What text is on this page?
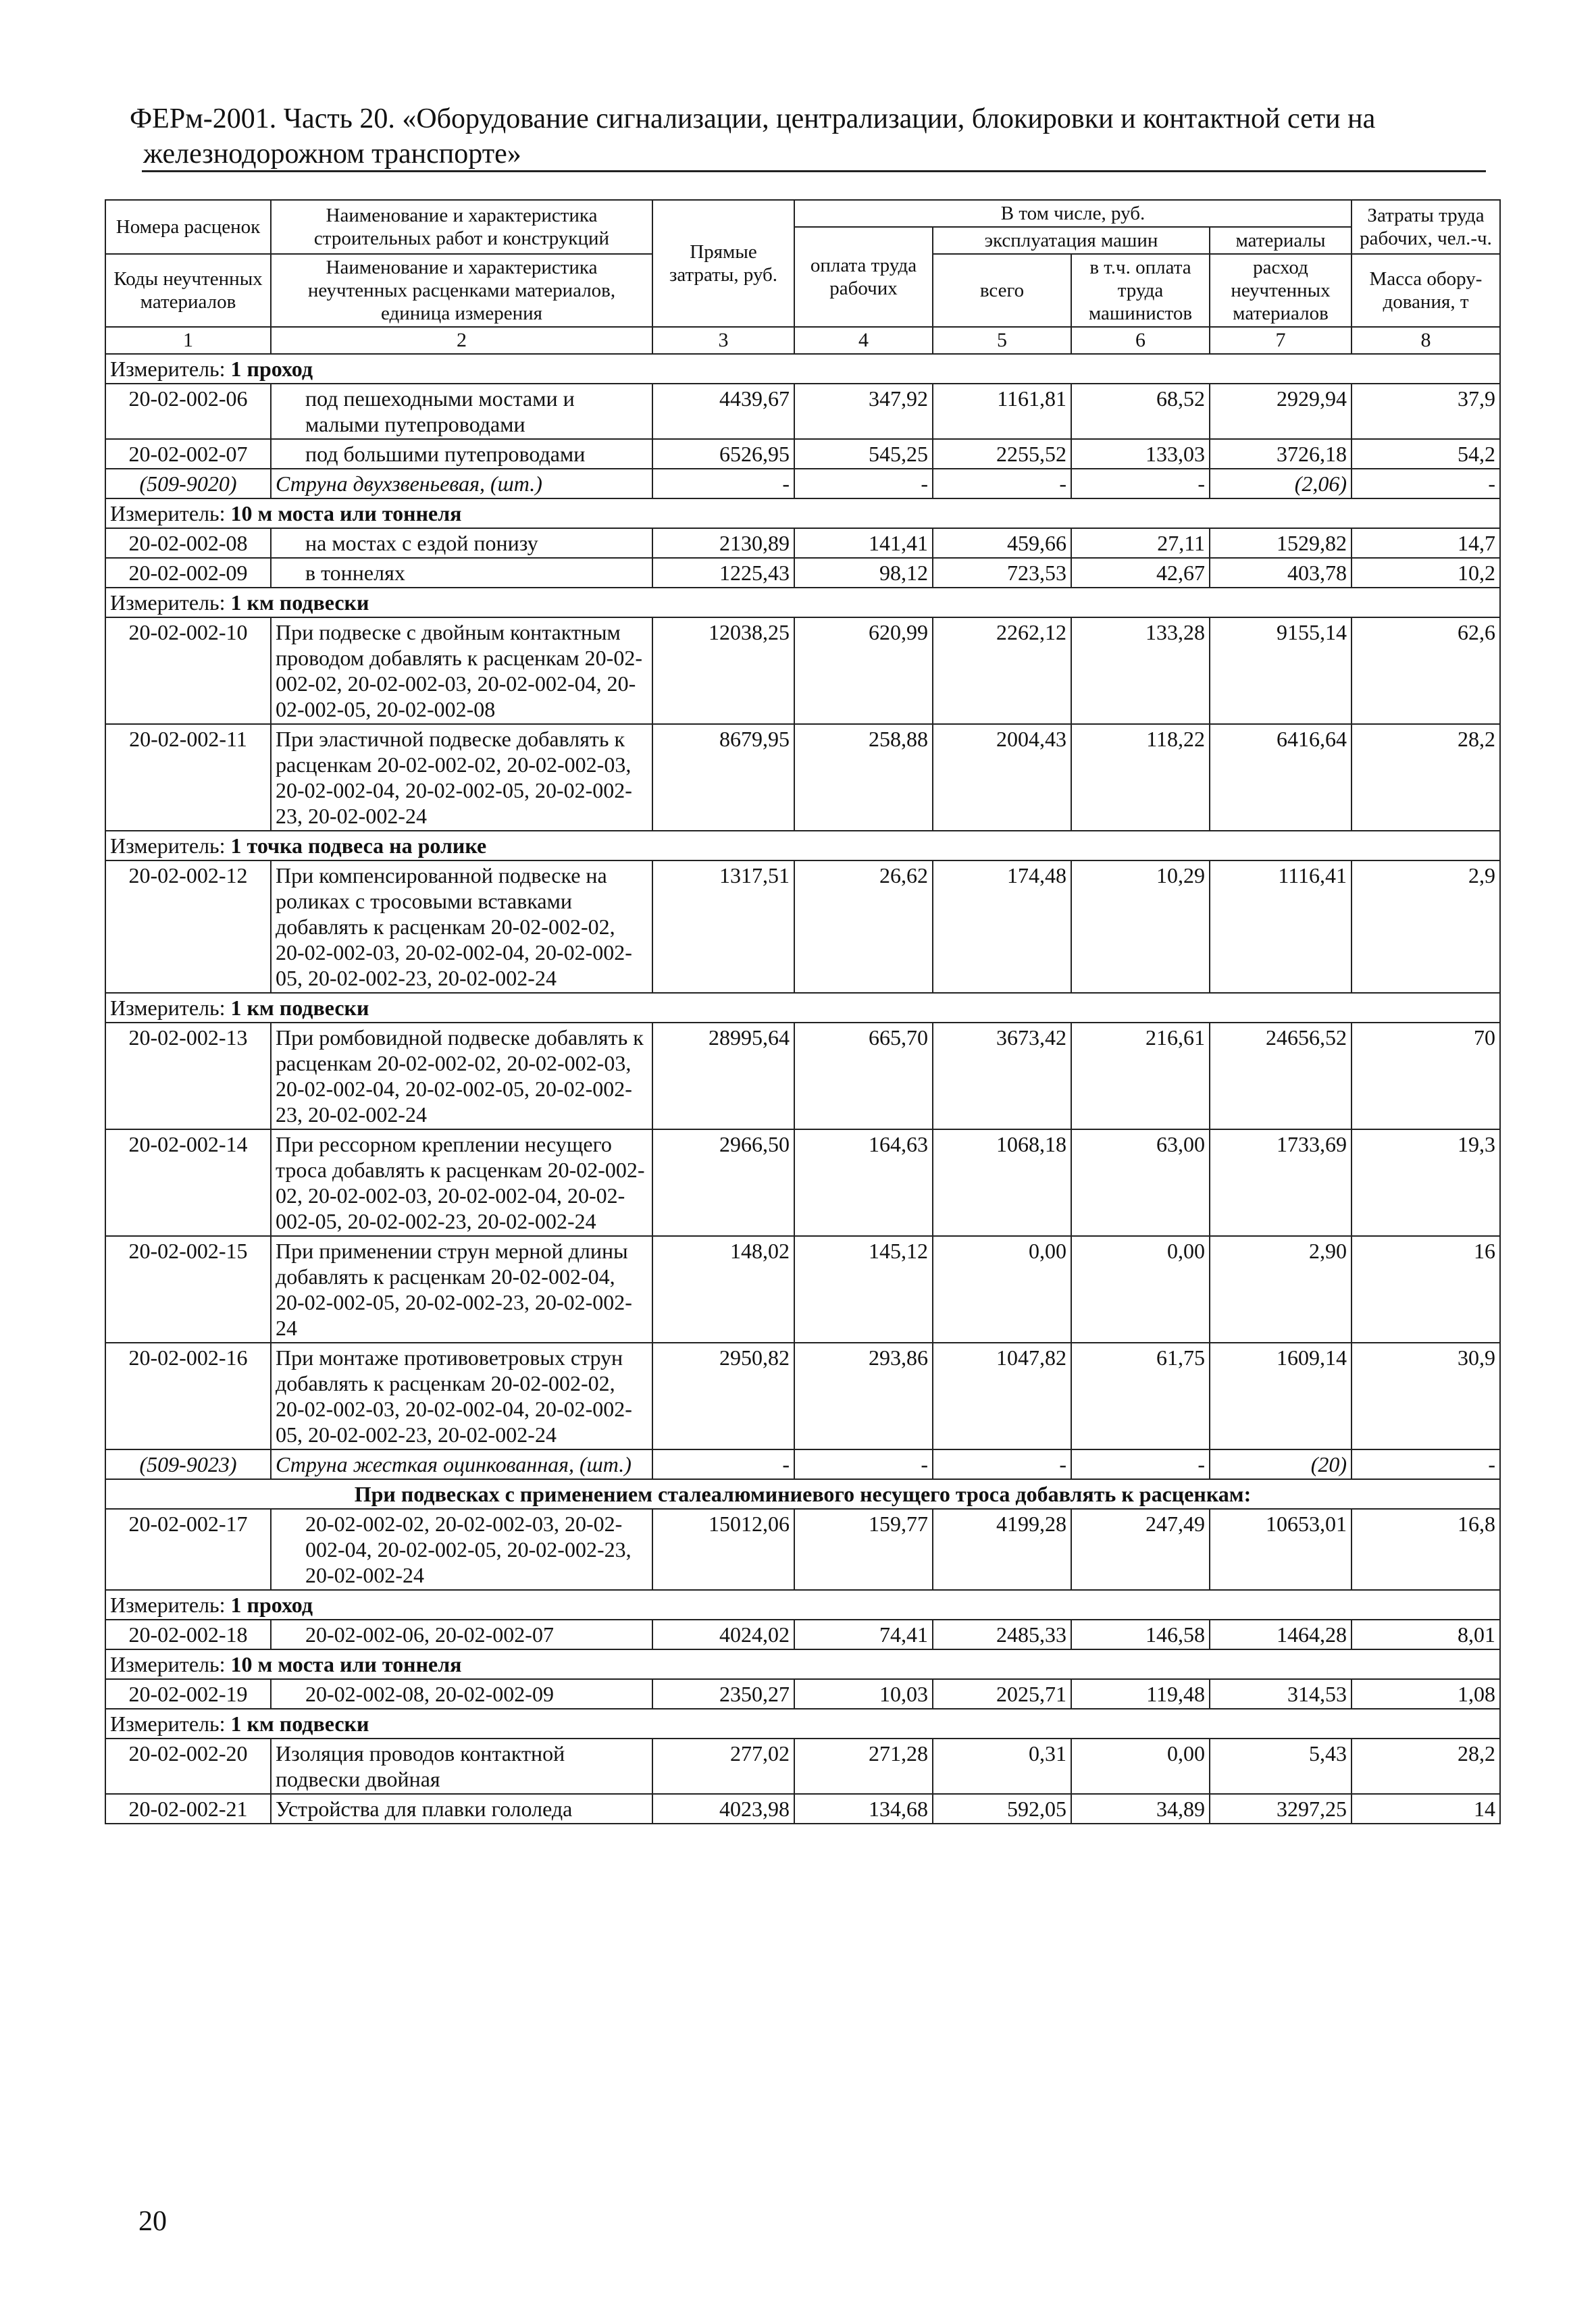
ФЕРм-2001. Часть 20. «Оборудование сигнализации, централизации, блокировки и контактной сети на
железнодорожном транспорте»
Номера расценок	Наименование и характеристика строительных работ и конструкций	Прямые затраты, руб.	В том числе, руб.				Затраты труда рабочих, чел.-ч.
			оплата труда рабочих	эксплуатация машин		материалы	
Коды неучтенных материалов	Наименование и характеристика неучтенных расценками материалов, единица измерения			всего	в т.ч. оплата труда машинистов	расход неучтенных материалов	
							Масса обору-дования, т
1	2	3	4	5	6	7	8
Измеритель: 1 проход							
20-02-002-06	под пешеходными мостами и малыми путепроводами	4439,67	347,92	1161,81	68,52	2929,94	37,9
20-02-002-07	под большими путепроводами	6526,95	545,25	2255,52	133,03	3726,18	54,2
(509-9020)	Струна двухзвеньевая, (шт.)	-	-	-	-	(2,06)	-
Измеритель: 10 м моста или тоннеля							
20-02-002-08	на мостах с ездой понизу	2130,89	141,41	459,66	27,11	1529,82	14,7
20-02-002-09	в тоннелях	1225,43	98,12	723,53	42,67	403,78	10,2
Измеритель: 1 км подвески							
20-02-002-10	При подвеске с двойным контактным проводом добавлять к расценкам 20-02-002-02, 20-02-002-03, 20-02-002-04, 20-02-002-05, 20-02-002-08	12038,25	620,99	2262,12	133,28	9155,14	62,6
20-02-002-11	При эластичной подвеске добавлять к расценкам 20-02-002-02, 20-02-002-03, 20-02-002-04, 20-02-002-05, 20-02-002-23, 20-02-002-24	8679,95	258,88	2004,43	118,22	6416,64	28,2
Измеритель: 1 точка подвеса на ролике							
20-02-002-12	При компенсированной подвеске на роликах с тросовыми вставками добавлять к расценкам 20-02-002-02, 20-02-002-03, 20-02-002-04, 20-02-002-05, 20-02-002-23, 20-02-002-24	1317,51	26,62	174,48	10,29	1116,41	2,9
Измеритель: 1 км подвески							
20-02-002-13	При ромбовидной подвеске добавлять к расценкам 20-02-002-02, 20-02-002-03, 20-02-002-04, 20-02-002-05, 20-02-002-23, 20-02-002-24	28995,64	665,70	3673,42	216,61	24656,52	70
20-02-002-14	При рессорном креплении несущего троса добавлять к расценкам 20-02-002-02, 20-02-002-03, 20-02-002-04, 20-02-002-05, 20-02-002-23, 20-02-002-24	2966,50	164,63	1068,18	63,00	1733,69	19,3
20-02-002-15	При применении струн мерной длины добавлять к расценкам 20-02-002-04, 20-02-002-05, 20-02-002-23, 20-02-002-24	148,02	145,12	0,00	0,00	2,90	16
20-02-002-16	При монтаже противоветровых струн добавлять к расценкам 20-02-002-02, 20-02-002-03, 20-02-002-04, 20-02-002-05, 20-02-002-23, 20-02-002-24	2950,82	293,86	1047,82	61,75	1609,14	30,9
(509-9023)	Струна жесткая оцинкованная, (шт.)	-	-	-	-	(20)	-
При подвесках с применением сталеалюминиевого несущего троса добавлять к расценкам:							
20-02-002-17	20-02-002-02, 20-02-002-03, 20-02-002-04, 20-02-002-05, 20-02-002-23, 20-02-002-24	15012,06	159,77	4199,28	247,49	10653,01	16,8
Измеритель: 1 проход							
20-02-002-18	20-02-002-06, 20-02-002-07	4024,02	74,41	2485,33	146,58	1464,28	8,01
Измеритель: 10 м моста или тоннеля							
20-02-002-19	20-02-002-08, 20-02-002-09	2350,27	10,03	2025,71	119,48	314,53	1,08
Измеритель: 1 км подвески							
20-02-002-20	Изоляция проводов контактной подвески двойная	277,02	271,28	0,31	0,00	5,43	28,2
20-02-002-21	Устройства для плавки гололеда	4023,98	134,68	592,05	34,89	3297,25	14
20
